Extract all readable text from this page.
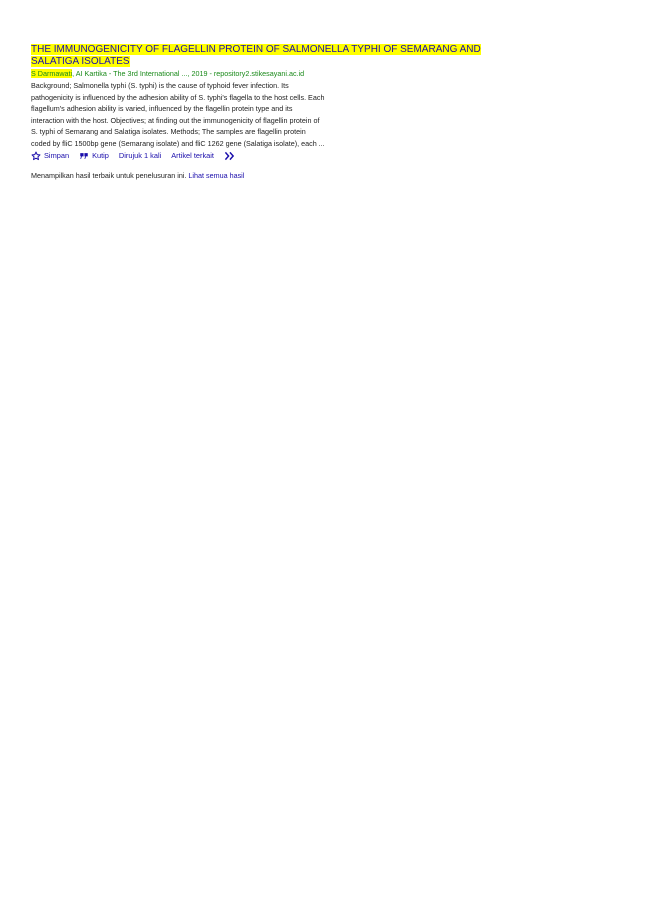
THE IMMUNOGENICITY OF FLAGELLIN PROTEIN OF SALMONELLA TYPHI OF SEMARANG AND SALATIGA ISOLATES
S Darmawati, AI Kartika - The 3rd International ..., 2019 - repository2.stikesayani.ac.id
Background; Salmonella typhi (S. typhi) is the cause of typhoid fever infection. Its
pathogenicity is influenced by the adhesion ability of S. typhi's flagella to the host cells. Each
flagellum's adhesion ability is varied, influenced by the flagellin protein type and its
interaction with the host. Objectives; at finding out the immunogenicity of flagellin protein of
S. typhi of Semarang and Salatiga isolates. Methods; The samples are flagellin protein
coded by fliC 1500bp gene (Semarang isolate) and fliC 1262 gene (Salatiga isolate), each ...
Simpan	Kutip Dirujuk 1 kali Artikel terkait
Menampilkan hasil terbaik untuk penelusuran ini. Lihat semua hasil
